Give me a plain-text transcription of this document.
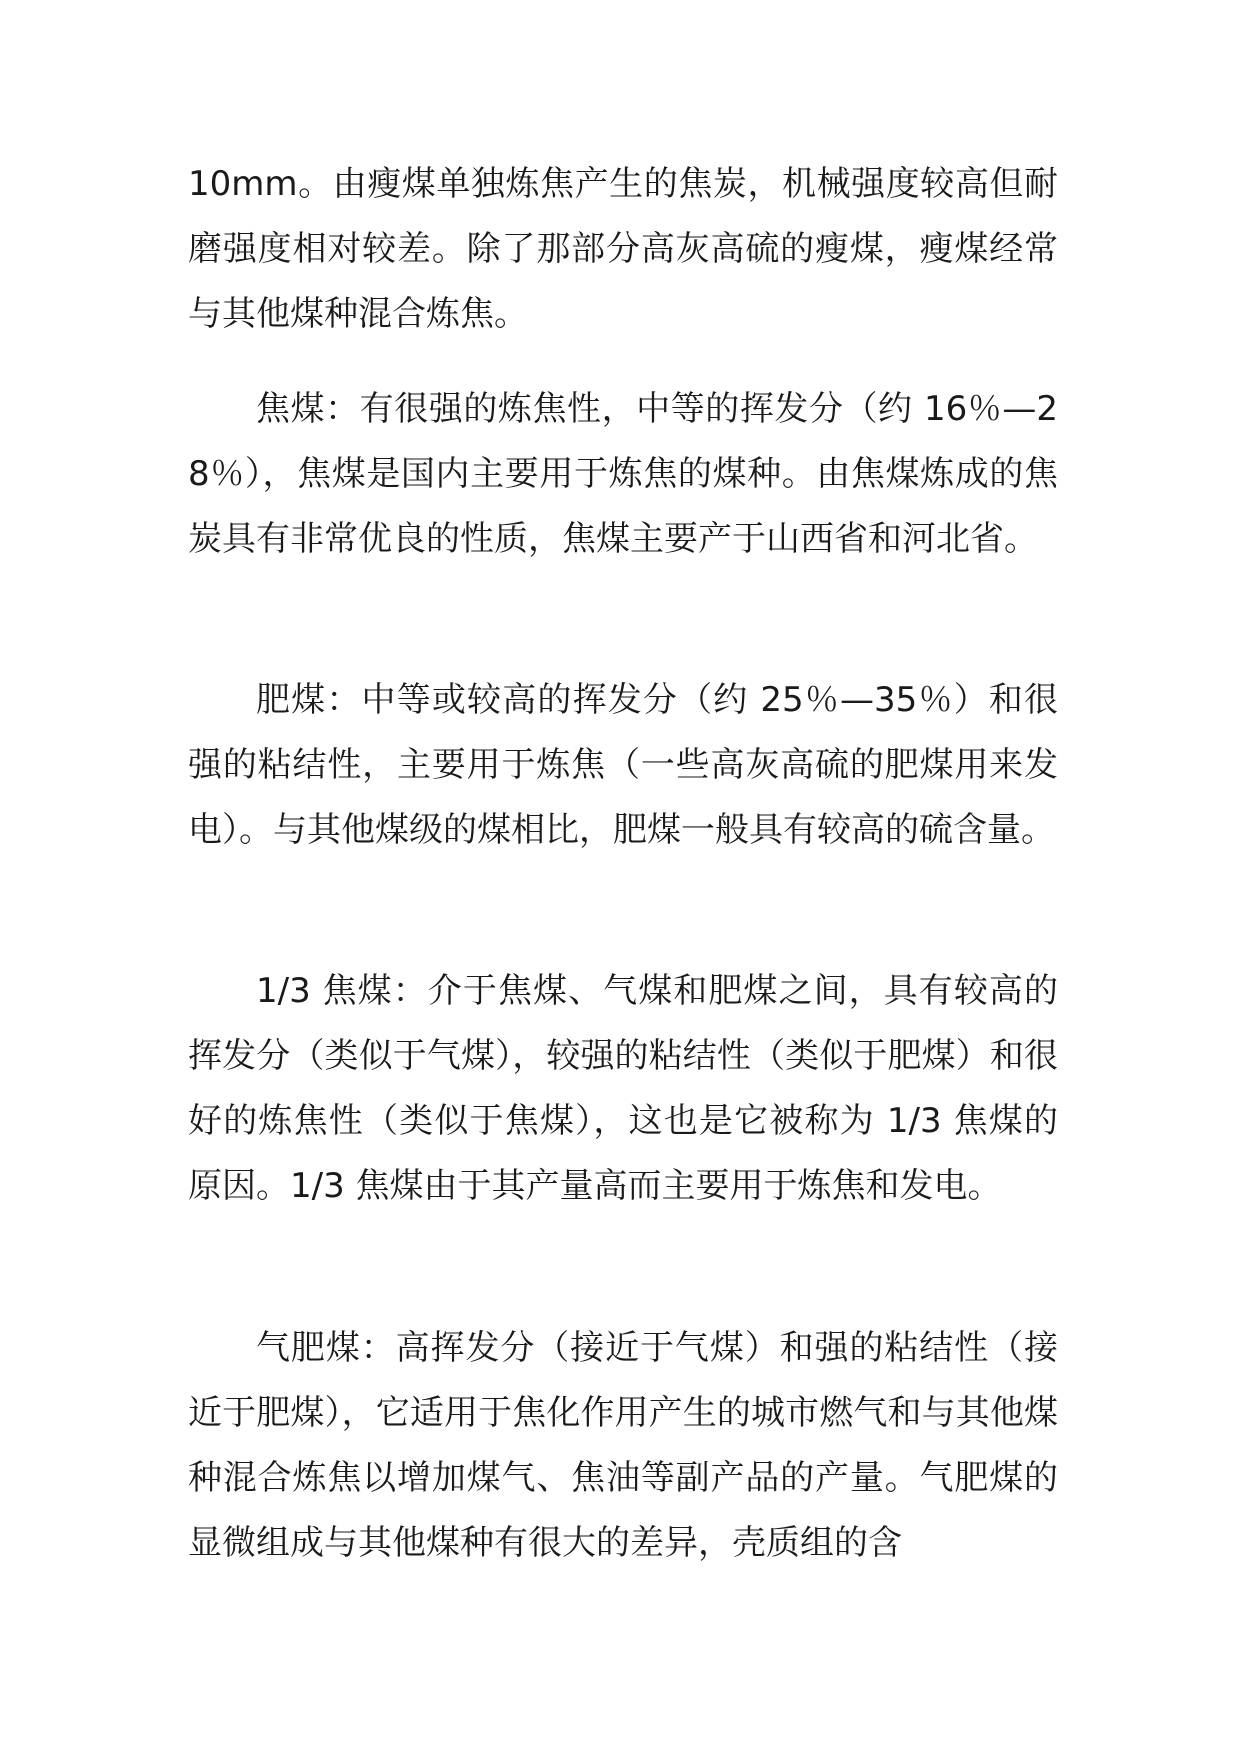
10mm。由瘦煤单独炼焦产生的焦炭，机械强度较高但耐磨强度相对较差。除了那部分高灰高硫的瘦煤，瘦煤经常与其他煤种混合炼焦。

焦煤：有很强的炼焦性，中等的挥发分（约 16％—28％），焦煤是国内主要用于炼焦的煤种。由焦煤炼成的焦炭具有非常优良的性质，焦煤主要产于山西省和河北省。

肥煤：中等或较高的挥发分（约 25％—35％）和很强的粘结性，主要用于炼焦（一些高灰高硫的肥煤用来发电）。与其他煤级的煤相比，肥煤一般具有较高的硫含量。

1/3 焦煤：介于焦煤、气煤和肥煤之间，具有较高的挥发分（类似于气煤），较强的粘结性（类似于肥煤）和很好的炼焦性（类似于焦煤），这也是它被称为 1/3 焦煤的原因。1/3 焦煤由于其产量高而主要用于炼焦和发电。

气肥煤：高挥发分（接近于气煤）和强的粘结性（接近于肥煤），它适用于焦化作用产生的城市燃气和与其他煤种混合炼焦以增加煤气、焦油等副产品的产量。气肥煤的显微组成与其他煤种有很大的差异，壳质组的含
